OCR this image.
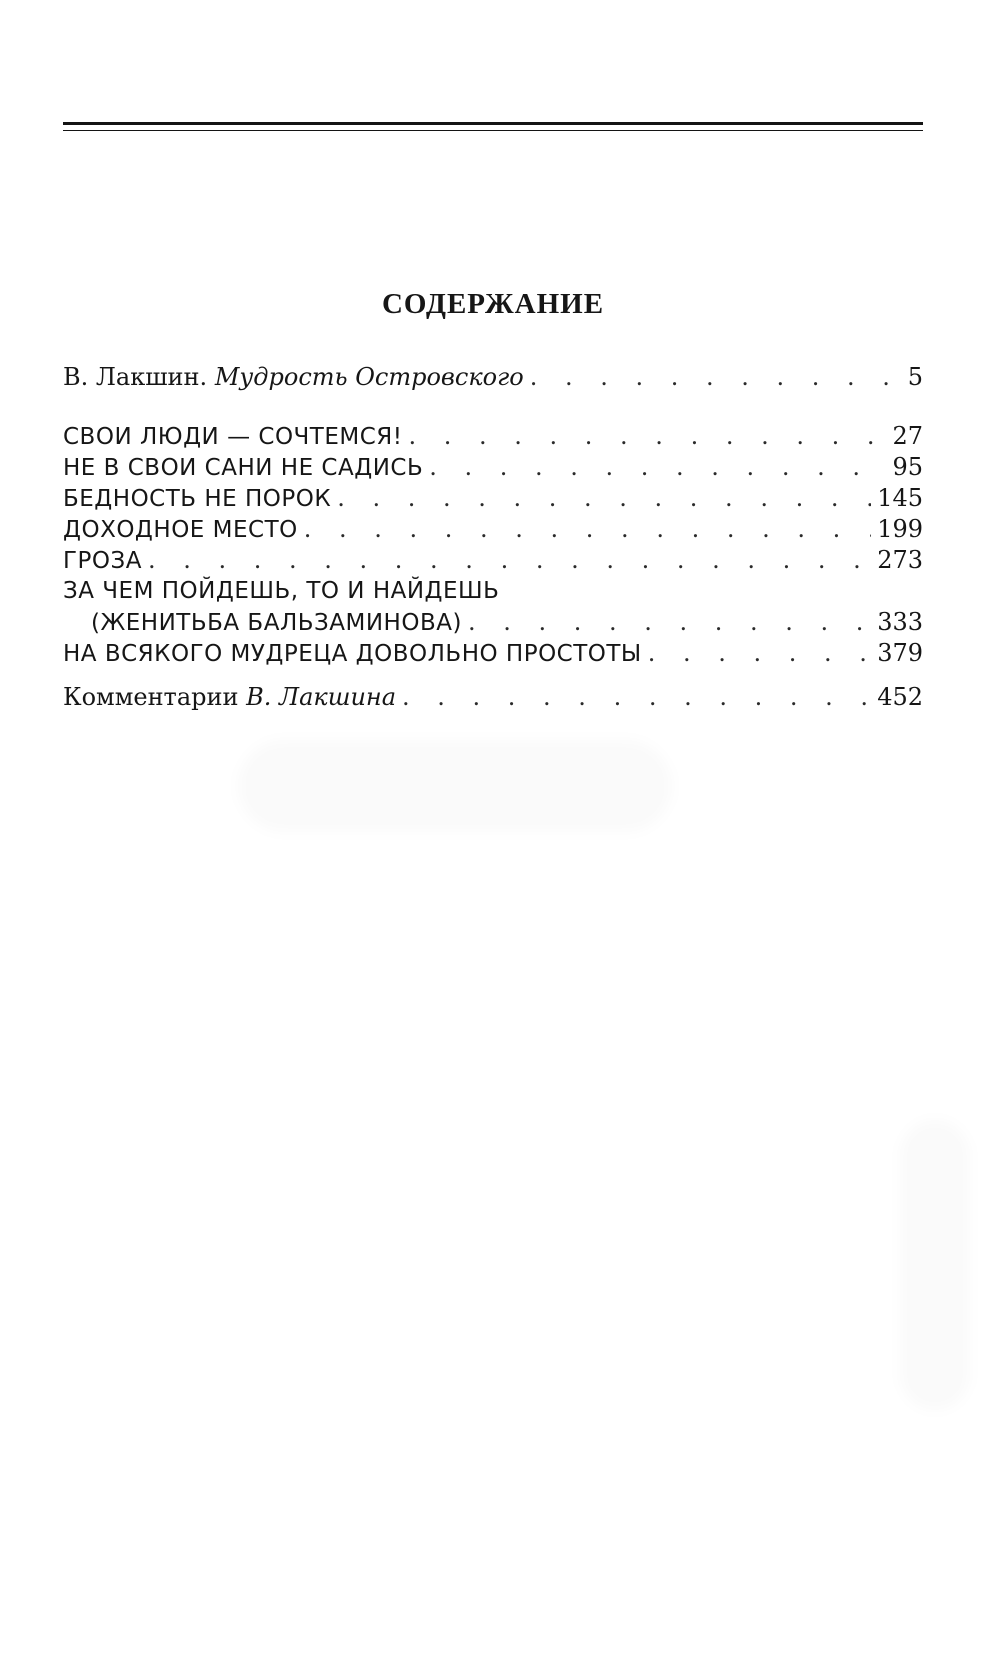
СОДЕРЖАНИЕ
В. Лакшин. Мудрость Островского . . .	5
СВОИ ЛЮДИ — СОЧТЕМСЯ! . . .	27
НЕ В СВОИ САНИ НЕ САДИСЬ . . .	95
БЕДНОСТЬ НЕ ПОРОК . . .	145
ДОХОДНОЕ МЕСТО . . .	199
ГРОЗА . . .	273
ЗА ЧЕМ ПОЙДЕШЬ, ТО И НАЙДЕШЬ
(ЖЕНИТЬБА БАЛЬЗАМИНОВА) . . .	333
НА ВСЯКОГО МУДРЕЦА ДОВОЛЬНО ПРОСТОТЫ . . .	379
Комментарии В. Лакшина . . .	452
